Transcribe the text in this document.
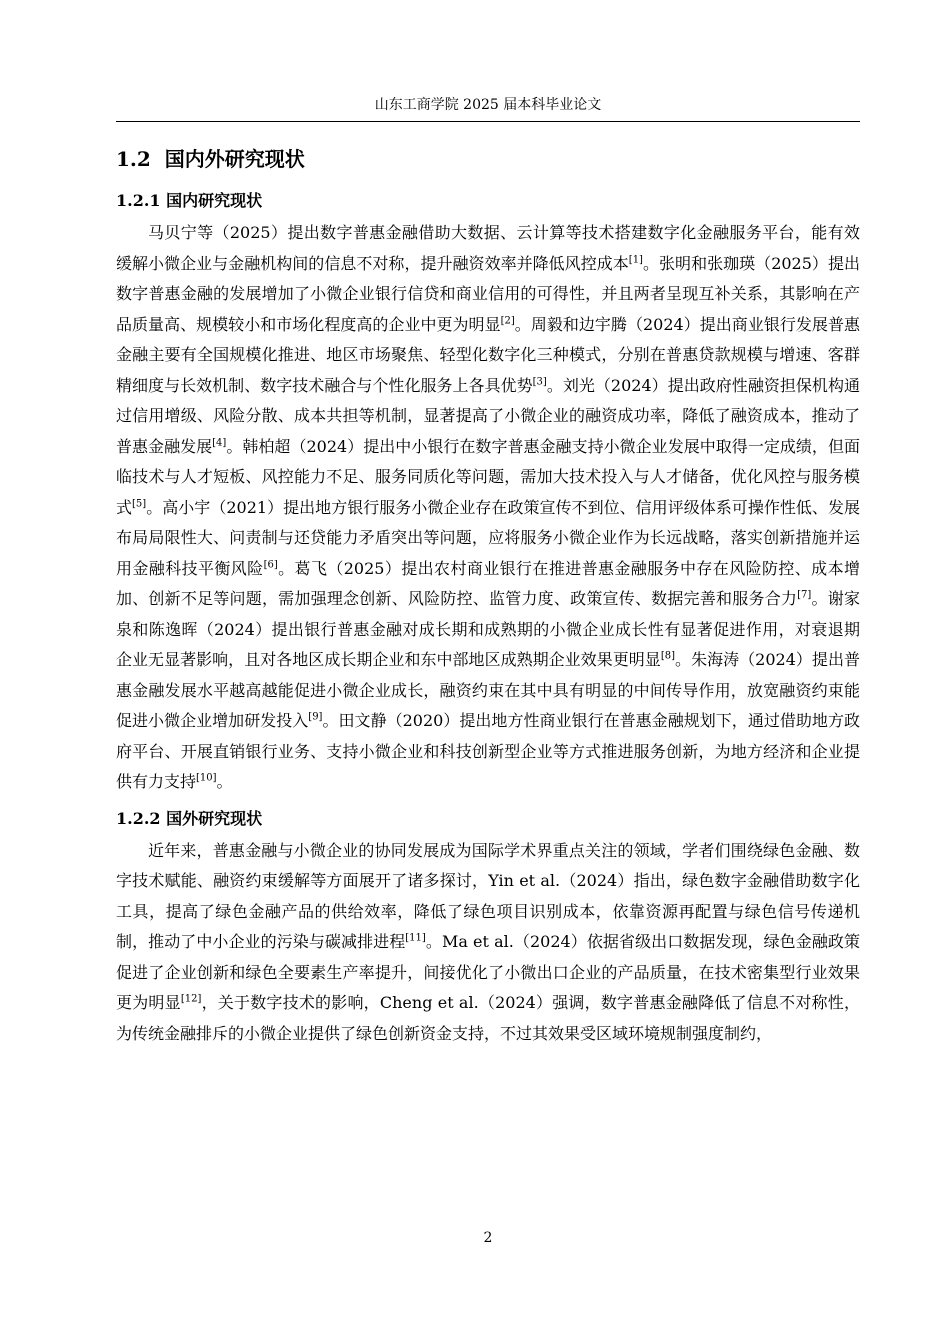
山东工商学院 2025 届本科毕业论文
1.2 国内外研究现状
1.2.1 国内研究现状

马贝宁等（2025）提出数字普惠金融借助大数据、云计算等技术搭建数字化金融服务平台，能有效缓解小微企业与金融机构间的信息不对称，提升融资效率并降低风控成本[1]。张明和张珈瑛（2025）提出数字普惠金融的发展增加了小微企业银行信贷和商业信用的可得性，并且两者呈现互补关系，其影响在产品质量高、规模较小和市场化程度高的企业中更为明显[2]。周毅和边宇腾（2024）提出商业银行发展普惠金融主要有全国规模化推进、地区市场聚焦、轻型化数字化三种模式，分别在普惠贷款规模与增速、客群精细度与长效机制、数字技术融合与个性化服务上各具优势[3]。刘光（2024）提出政府性融资担保机构通过信用增级、风险分散、成本共担等机制，显著提高了小微企业的融资成功率，降低了融资成本，推动了普惠金融发展[4]。韩柏超（2024）提出中小银行在数字普惠金融支持小微企业发展中取得一定成绩，但面临技术与人才短板、风控能力不足、服务同质化等问题，需加大技术投入与人才储备，优化风控与服务模式[5]。高小宇（2021）提出地方银行服务小微企业存在政策宣传不到位、信用评级体系可操作性低、发展布局局限性大、问责制与还贷能力矛盾突出等问题，应将服务小微企业作为长远战略，落实创新措施并运用金融科技平衡风险[6]。葛飞（2025）提出农村商业银行在推进普惠金融服务中存在风险防控、成本增加、创新不足等问题，需加强理念创新、风险防控、监管力度、政策宣传、数据完善和服务合力[7]。谢家泉和陈逸晖（2024）提出银行普惠金融对成长期和成熟期的小微企业成长性有显著促进作用，对衰退期企业无显著影响，且对各地区成长期企业和东中部地区成熟期企业效果更明显[8]。朱海涛（2024）提出普惠金融发展水平越高越能促进小微企业成长，融资约束在其中具有明显的中间传导作用，放宽融资约束能促进小微企业增加研发投入[9]。田文静（2020）提出地方性商业银行在普惠金融规划下，通过借助地方政府平台、开展直销银行业务、支持小微企业和科技创新型企业等方式推进服务创新，为地方经济和企业提供有力支持[10]。

1.2.2 国外研究现状

近年来，普惠金融与小微企业的协同发展成为国际学术界重点关注的领域，学者们围绕绿色金融、数字技术赋能、融资约束缓解等方面展开了诸多探讨，Yin et al.（2024）指出，绿色数字金融借助数字化工具，提高了绿色金融产品的供给效率，降低了绿色项目识别成本，依靠资源再配置与绿色信号传递机制，推动了中小企业的污染与碳减排进程[11]。Ma et al.（2024）依据省级出口数据发现，绿色金融政策促进了企业创新和绿色全要素生产率提升，间接优化了小微出口企业的产品质量，在技术密集型行业效果更为明显[12]，关于数字技术的影响，Cheng et al.（2024）强调，数字普惠金融降低了信息不对称性，为传统金融排斥的小微企业提供了绿色创新资金支持，不过其效果受区域环境规制强度制约，

2
